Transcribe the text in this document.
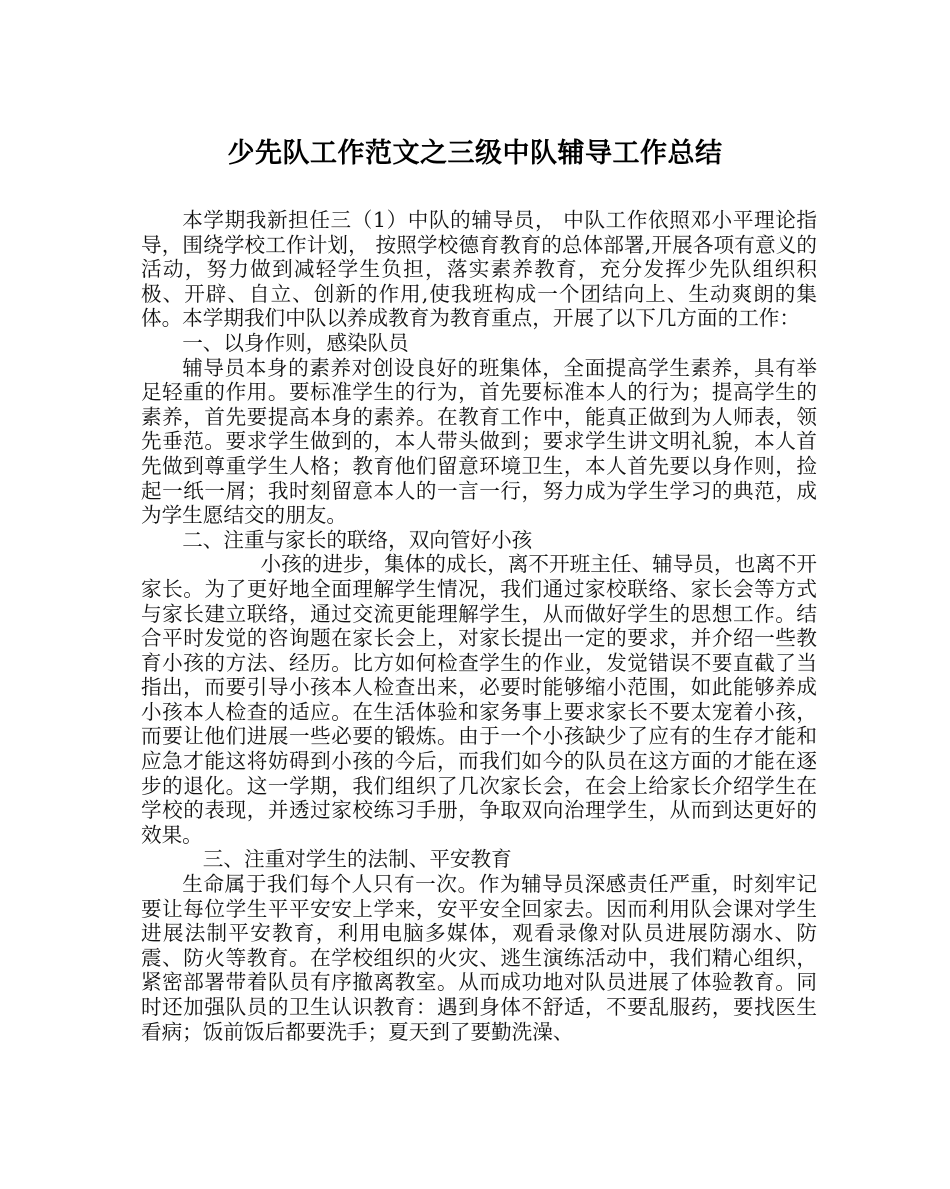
少先队工作范文之三级中队辅导工作总结

本学期我新担任三（1）中队的辅导员， 中队工作依照邓小平理论指导，围绕学校工作计划， 按照学校德育教育的总体部署,开展各项有意义的活动，努力做到减轻学生负担，落实素养教育，充分发挥少先队组织积极、开辟、自立、创新的作用,使我班构成一个团结向上、生动爽朗的集体。本学期我们中队以养成教育为教育重点，开展了以下几方面的工作：

一、以身作则，感染队员

辅导员本身的素养对创设良好的班集体，全面提高学生素养，具有举足轻重的作用。要标准学生的行为，首先要标准本人的行为；提高学生的素养，首先要提高本身的素养。在教育工作中，能真正做到为人师表，领先垂范。要求学生做到的，本人带头做到；要求学生讲文明礼貌，本人首先做到尊重学生人格；教育他们留意环境卫生，本人首先要以身作则，捡起一纸一屑；我时刻留意本人的一言一行，努力成为学生学习的典范，成为学生愿结交的朋友。

二、注重与家长的联络，双向管好小孩

小孩的进步，集体的成长，离不开班主任、辅导员，也离不开家长。为了更好地全面理解学生情况，我们通过家校联络、家长会等方式与家长建立联络，通过交流更能理解学生，从而做好学生的思想工作。结合平时发觉的咨询题在家长会上，对家长提出一定的要求，并介绍一些教育小孩的方法、经历。比方如何检查学生的作业，发觉错误不要直截了当指出，而要引导小孩本人检查出来，必要时能够缩小范围，如此能够养成小孩本人检查的适应。在生活体验和家务事上要求家长不要太宠着小孩，而要让他们进展一些必要的锻炼。由于一个小孩缺少了应有的生存才能和应急才能这将妨碍到小孩的今后，而我们如今的队员在这方面的才能在逐步的退化。这一学期，我们组织了几次家长会，在会上给家长介绍学生在学校的表现，并透过家校练习手册，争取双向治理学生，从而到达更好的效果。

三、注重对学生的法制、平安教育

生命属于我们每个人只有一次。作为辅导员深感责任严重，时刻牢记要让每位学生平平安安上学来，安平安全回家去。因而利用队会课对学生进展法制平安教育，利用电脑多媒体，观看录像对队员进展防溺水、防震、防火等教育。在学校组织的火灾、逃生演练活动中，我们精心组织，紧密部署带着队员有序撤离教室。从而成功地对队员进展了体验教育。同时还加强队员的卫生认识教育：遇到身体不舒适，不要乱服药，要找医生看病；饭前饭后都要洗手；夏天到了要勤洗澡、
